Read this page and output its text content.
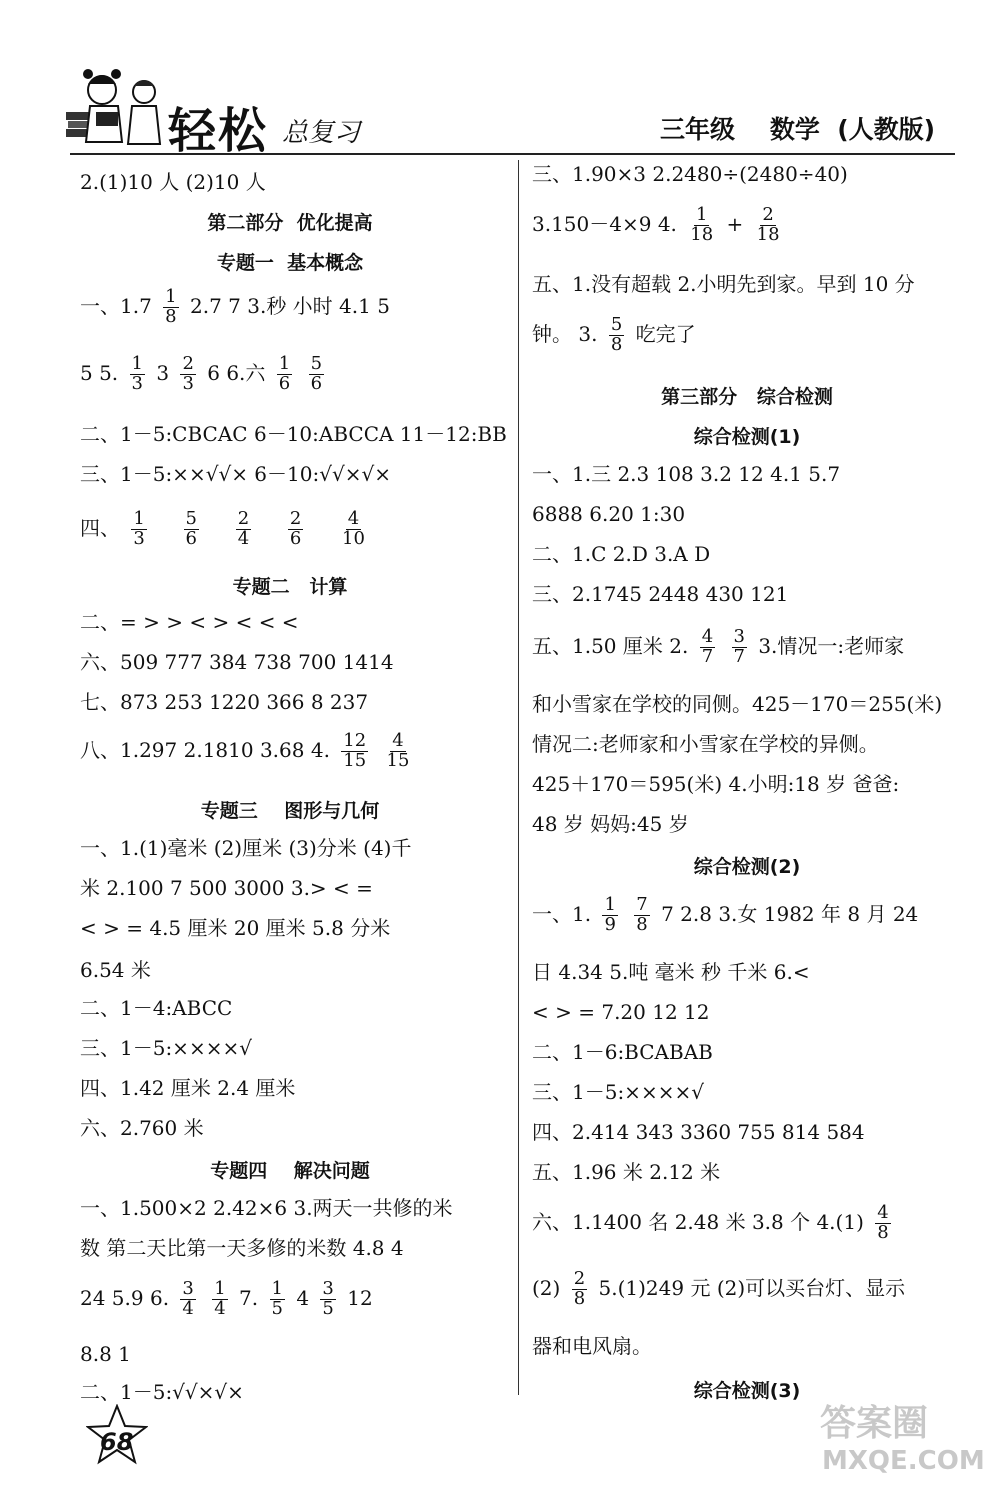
轻松 总复习	三年级    数学  (人教版)
2.(1)10 人 (2)10 人
第二部分  优化提高
专题一  基本概念
一、$1.7 \frac{1}{8} 2.7$ 7 3.秒 小时 4.1 5
5 5. $\frac{1}{3} 3 \frac{2}{3} 6$ 6.六 $\frac{1}{6}$
$\frac{5}{6}$
二、1－5:CBCAC 6－10:ABCCA 11－12:BB
三、1－5:××√√× 6－10:√√×√×
四、 $\frac{1}{3}$
$\frac{5}{6}$
$\frac{2}{4}$
$\frac{2}{6}$
$\frac{4}{10}$
专题二   计算
二、= > > < > < < <
六、509 777 384 738 700 1414
七、873 253 1220 366 8 237
八、1.297 2.1810 3.68 4. $\frac{12}{15}$
$\frac{4}{15}$
专题三    图形与几何
一、1.(1)毫米 (2)厘米 (3)分米 (4)千
米 2.100 7 500 3000 3.> < =
< > = 4.5 厘米 20 厘米 5.8 分米
6.54 米
二、1－4:ABCC
三、1－5:××××√
四、1.42 厘米 2.4 厘米
六、2.760 米
专题四    解决问题
一、1.500×2 2.42×6 3.两天一共修的米
数 第二天比第一天多修的米数 4.8 4
24 5.9 6. $\frac{3}{4}$
$\frac{1}{4} 7$. $\frac{1}{5} 4 \frac{3}{5} 12$
8.8 1
二、1－5:√√×√×
三、1.90×3 2.2480÷(2480÷40)
3.150－4×9 4. $\frac{1}{18} + \frac{2}{18}$
五、1.没有超载 2.小明先到家。早到 10 分
钟。 3. $\frac{5}{8}$ 吃完了
第三部分   综合检测
综合检测(1)
一、1.三 2.3 108 3.2 12 4.1 5.7
6888 6.20 1:30
二、1.C 2.D 3.A D
三、2.1745 2448 430 121
五、1.50 厘米 2. $\frac{4}{7}$
$\frac{3}{7} 3$.情况一:老师家
和小雪家在学校的同侧。425－170＝255(米)
情况二:老师家和小雪家在学校的异侧。
425＋170＝595(米) 4.小明:18 岁 爸爸:
48 岁 妈妈:45 岁
综合检测(2)
一、1. $\frac{1}{9}$
$\frac{7}{8} 7$ 2.8 3.女 1982 年 8 月 24
日 4.34 5.吨 毫米 秒 千米 6.<
< > = 7.20 12 12
二、1－6:BCABAB
三、1－5:××××√
四、2.414 343 3360 755 814 584
五、1.96 米 2.12 米
六、1.1400 名 2.48 米 3.8 个 $4.(1) \frac{4}{8}$
$(2) \frac{2}{8} 5.(1)249$ 元 (2)可以买台灯、显示
器和电风扇。
综合检测(3)
68	答案圈
MXQE.COM
